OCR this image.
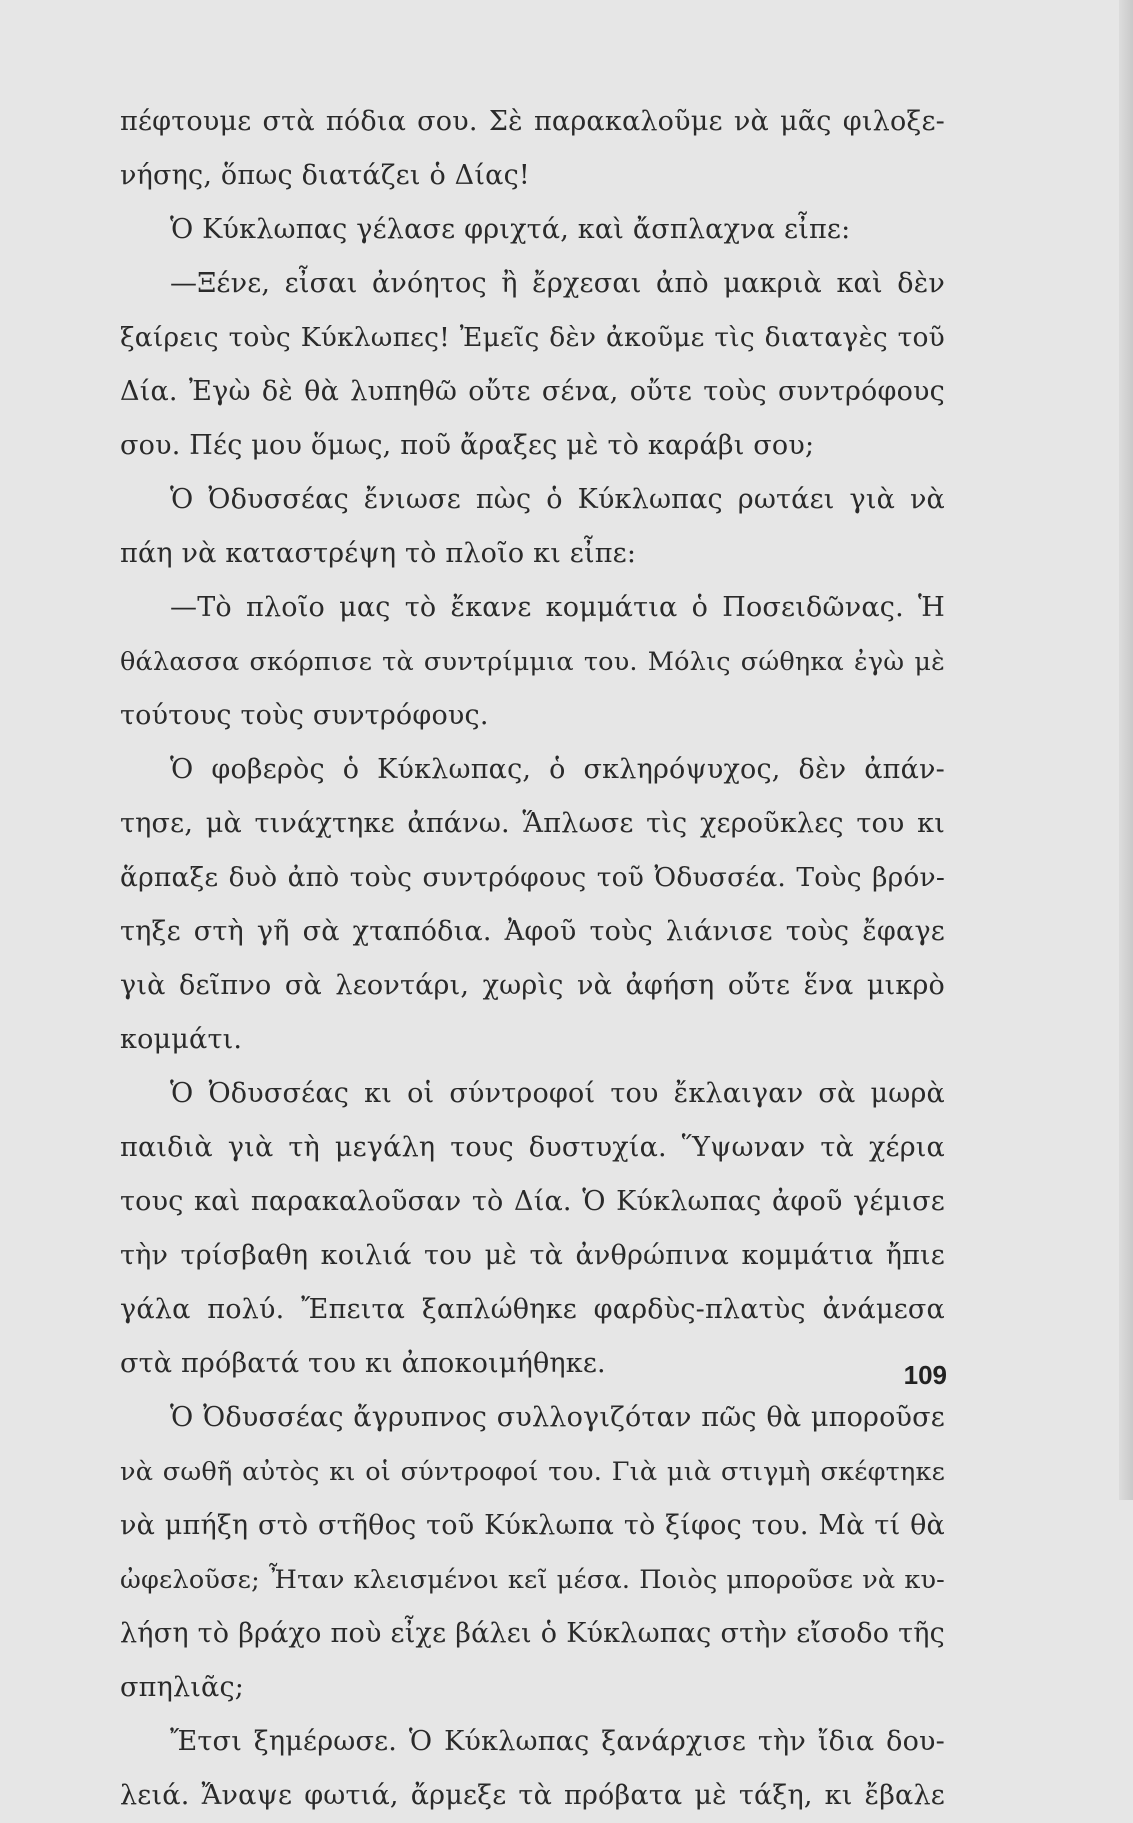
πέφτουμε στὰ πόδια σου. Σὲ παρακαλοῦμε νὰ μᾶς φιλοξε-
νήσης, ὅπως διατάζει ὁ Δίας!
Ὁ Κύκλωπας γέλασε φριχτά, καὶ ἄσπλαχνα εἶπε:
—Ξένε, εἶσαι ἀνόητος ἢ ἔρχεσαι ἀπὸ μακριὰ καὶ δὲν
ξαίρεις τοὺς Κύκλωπες! Ἐμεῖς δὲν ἀκοῦμε τὶς διαταγὲς τοῦ
Δία. Ἐγὼ δὲ θὰ λυπηθῶ οὔτε σένα, οὔτε τοὺς συντρόφους
σου. Πές μου ὅμως, ποῦ ἄραξες μὲ τὸ καράβι σου;
Ὁ Ὀδυσσέας ἔνιωσε πὼς ὁ Κύκλωπας ρωτάει γιὰ νὰ
πάη νὰ καταστρέψη τὸ πλοῖο κι εἶπε:
—Τὸ πλοῖο μας τὸ ἔκανε κομμάτια ὁ Ποσειδῶνας. Ἡ
θάλασσα σκόρπισε τὰ συντρίμμια του. Μόλις σώθηκα ἐγὼ μὲ
τούτους τοὺς συντρόφους.
Ὁ φοβερὸς ὁ Κύκλωπας, ὁ σκληρόψυχος, δὲν ἀπάν-
τησε, μὰ τινάχτηκε ἀπάνω. Ἅπλωσε τὶς χεροῦκλες του κι
ἅρπαξε δυὸ ἀπὸ τοὺς συντρόφους τοῦ Ὀδυσσέα. Τοὺς βρόν-
τηξε στὴ γῆ σὰ χταπόδια. Ἀφοῦ τοὺς λιάνισε τοὺς ἔφαγε
γιὰ δεῖπνο σὰ λεοντάρι, χωρὶς νὰ ἀφήση οὔτε ἕνα μικρὸ
κομμάτι.
Ὁ Ὀδυσσέας κι οἱ σύντροφοί του ἔκλαιγαν σὰ μωρὰ
παιδιὰ γιὰ τὴ μεγάλη τους δυστυχία. Ὕψωναν τὰ χέρια
τους καὶ παρακαλοῦσαν τὸ Δία. Ὁ Κύκλωπας ἀφοῦ γέμισε
τὴν τρίσβαθη κοιλιά του μὲ τὰ ἀνθρώπινα κομμάτια ἤπιε
γάλα πολύ. Ἔπειτα ξαπλώθηκε φαρδὺς-πλατὺς ἀνάμεσα
στὰ πρόβατά του κι ἀποκοιμήθηκε.
Ὁ Ὀδυσσέας ἄγρυπνος συλλογιζόταν πῶς θὰ μποροῦσε
νὰ σωθῆ αὐτὸς κι οἱ σύντροφοί του. Γιὰ μιὰ στιγμὴ σκέφτηκε
νὰ μπήξη στὸ στῆθος τοῦ Κύκλωπα τὸ ξίφος του. Μὰ τί θὰ
ὠφελοῦσε; Ἦταν κλεισμένοι κεῖ μέσα. Ποιὸς μποροῦσε νὰ κυ-
λήση τὸ βράχο ποὺ εἶχε βάλει ὁ Κύκλωπας στὴν εἴσοδο τῆς
σπηλιᾶς;
Ἔτσι ξημέρωσε. Ὁ Κύκλωπας ξανάρχισε τὴν ἴδια δου-
λειά. Ἄναψε φωτιά, ἄρμεξε τὰ πρόβατα μὲ τάξη, κι ἔβαλε
109
